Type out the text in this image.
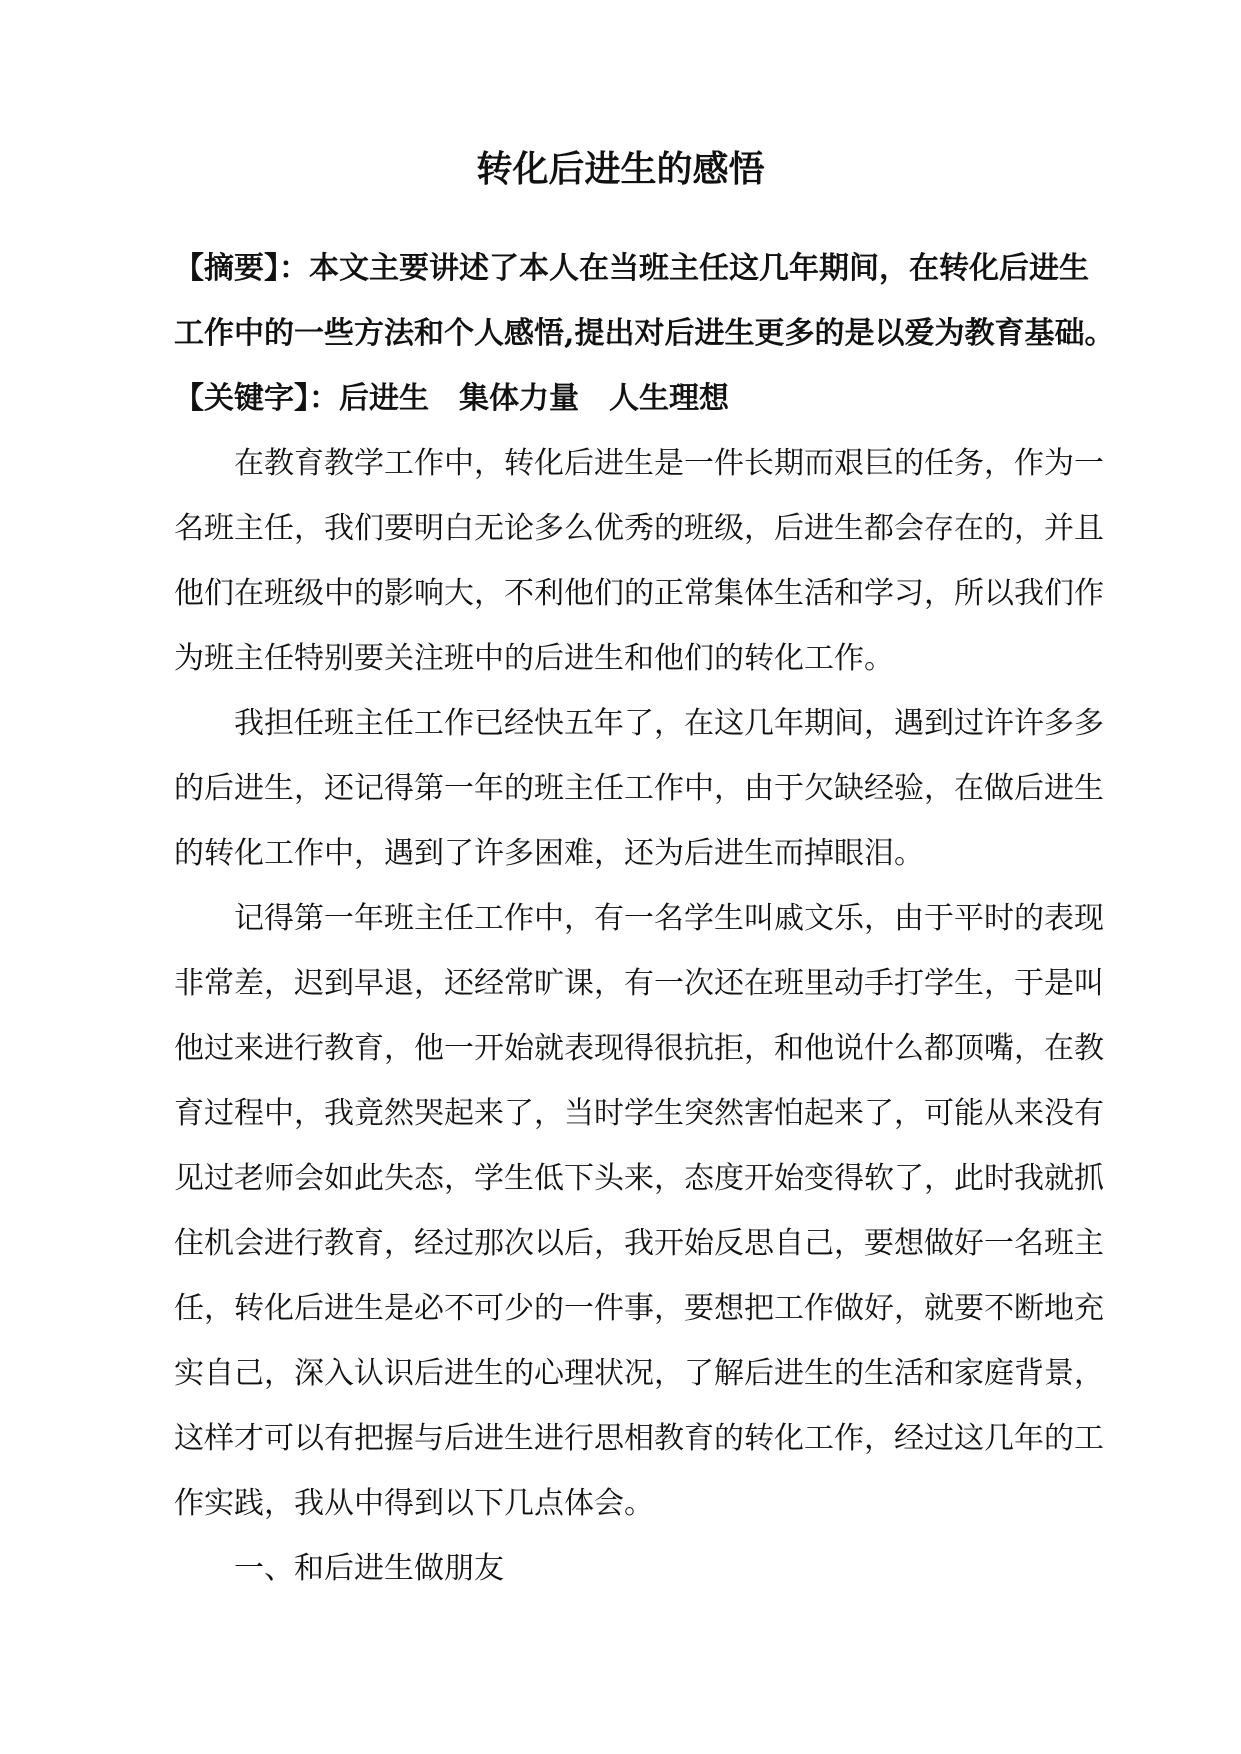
转化后进生的感悟
【摘要】：本文主要讲述了本人在当班主任这几年期间，在转化后进生
工作中的一些方法和个人感悟,提出对后进生更多的是以爱为教育基础。
【关键字】：后进生 集体力量 人生理想
在教育教学工作中，转化后进生是一件长期而艰巨的任务，作为一
名班主任，我们要明白无论多么优秀的班级，后进生都会存在的，并且
他们在班级中的影响大，不利他们的正常集体生活和学习，所以我们作
为班主任特别要关注班中的后进生和他们的转化工作。
我担任班主任工作已经快五年了，在这几年期间，遇到过许许多多
的后进生，还记得第一年的班主任工作中，由于欠缺经验，在做后进生
的转化工作中，遇到了许多困难，还为后进生而掉眼泪。
记得第一年班主任工作中，有一名学生叫戚文乐，由于平时的表现
非常差，迟到早退，还经常旷课，有一次还在班里动手打学生，于是叫
他过来进行教育，他一开始就表现得很抗拒，和他说什么都顶嘴，在教
育过程中，我竟然哭起来了，当时学生突然害怕起来了，可能从来没有
见过老师会如此失态，学生低下头来，态度开始变得软了，此时我就抓
住机会进行教育，经过那次以后，我开始反思自己，要想做好一名班主
任，转化后进生是必不可少的一件事，要想把工作做好，就要不断地充
实自己，深入认识后进生的心理状况，了解后进生的生活和家庭背景，
这样才可以有把握与后进生进行思相教育的转化工作，经过这几年的工
作实践，我从中得到以下几点体会。
一、和后进生做朋友
